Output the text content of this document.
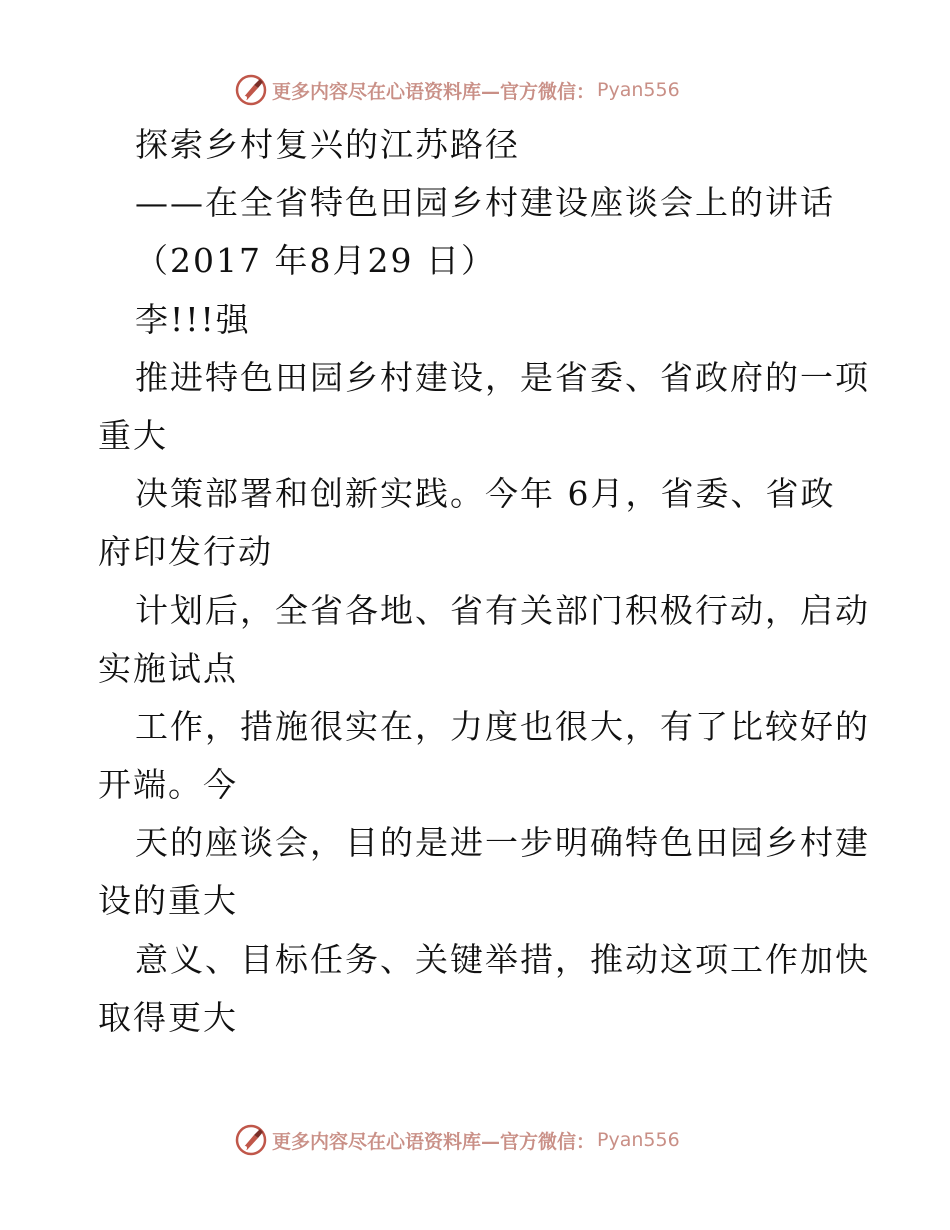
更多内容尽在心语资料库—官方微信： Pyan556
探索乡村复兴的江苏路径
——在全省特色田园乡村建设座谈会上的讲话
（2017 年8月29 日）
李!!!强
推进特色田园乡村建设，是省委、省政府的一项
重大
决策部署和创新实践。今年 6月，省委、省政
府印发行动
计划后，全省各地、省有关部门积极行动，启动
实施试点
工作，措施很实在，力度也很大，有了比较好的
开端。今
天的座谈会，目的是进一步明确特色田园乡村建
设的重大
意义、目标任务、关键举措，推动这项工作加快
取得更大
更多内容尽在心语资料库—官方微信： Pyan556
